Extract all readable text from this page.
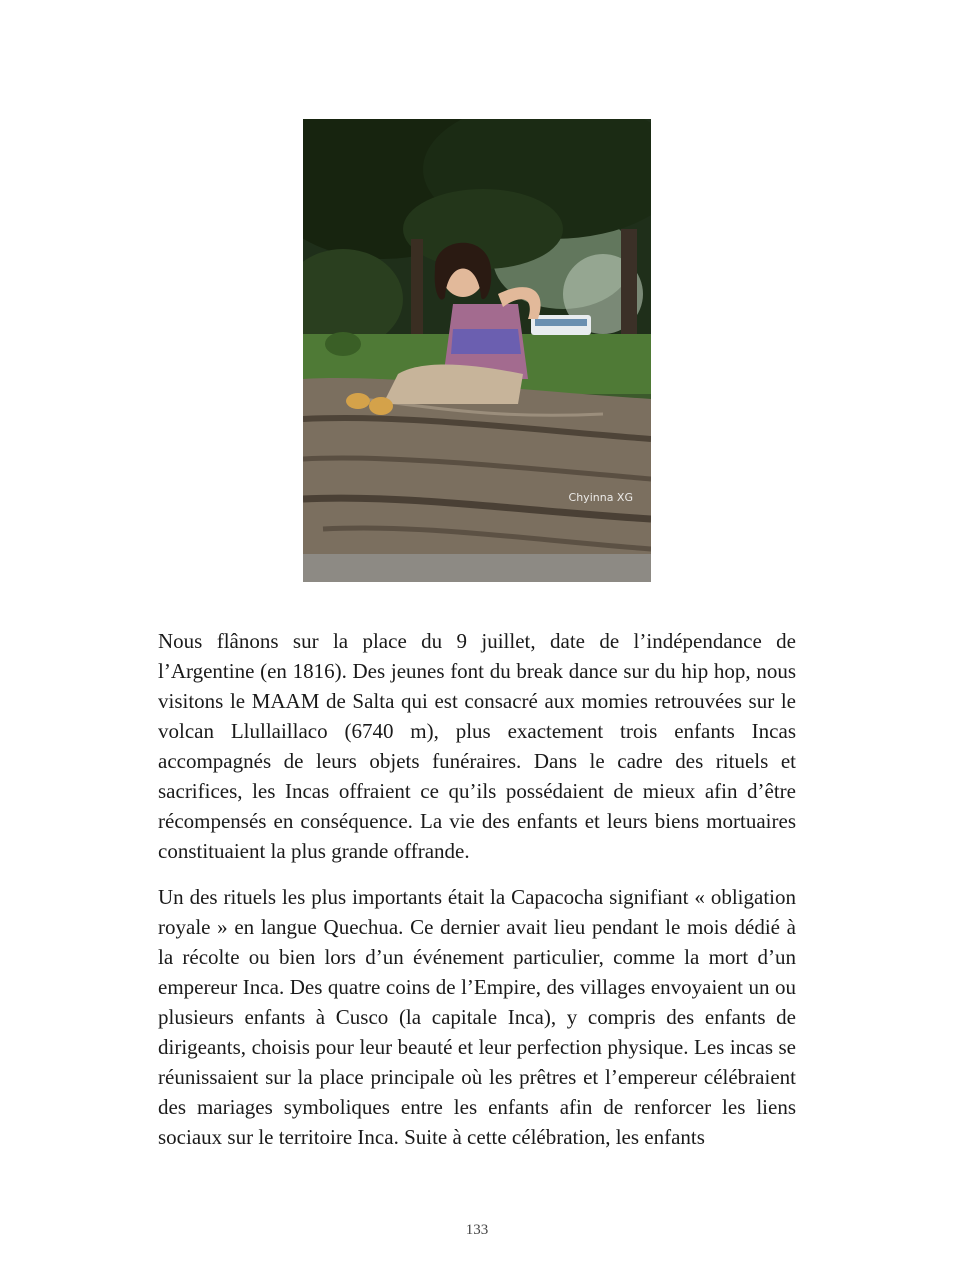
Chyinna XG

Nous flânons sur la place du 9 juillet, date de l’indépendance de l’Argentine (en 1816). Des jeunes font du break dance sur du hip hop, nous visitons le MAAM de Salta qui est consacré aux momies retrouvées sur le volcan Llullaillaco (6740 m), plus exactement trois enfants Incas accompagnés de leurs objets funéraires. Dans le cadre des rituels et sacrifices, les Incas offraient ce qu’ils possédaient de mieux afin d’être récompensés en conséquence. La vie des enfants et leurs biens mortuaires constituaient la plus grande offrande.

Un des rituels les plus importants était la Capacocha signifiant « obligation royale » en langue Quechua. Ce dernier avait lieu pendant le mois dédié à la récolte ou bien lors d’un événement particulier, comme la mort d’un empereur Inca. Des quatre coins de l’Empire, des villages envoyaient un ou plusieurs enfants à Cusco (la capitale Inca), y compris des enfants de dirigeants, choisis pour leur beauté et leur perfection physique. Les incas se réunissaient sur la place principale où les prêtres et l’empereur célébraient des mariages symboliques entre les enfants afin de renforcer les liens sociaux sur le territoire Inca. Suite à cette célébration, les enfants

133
